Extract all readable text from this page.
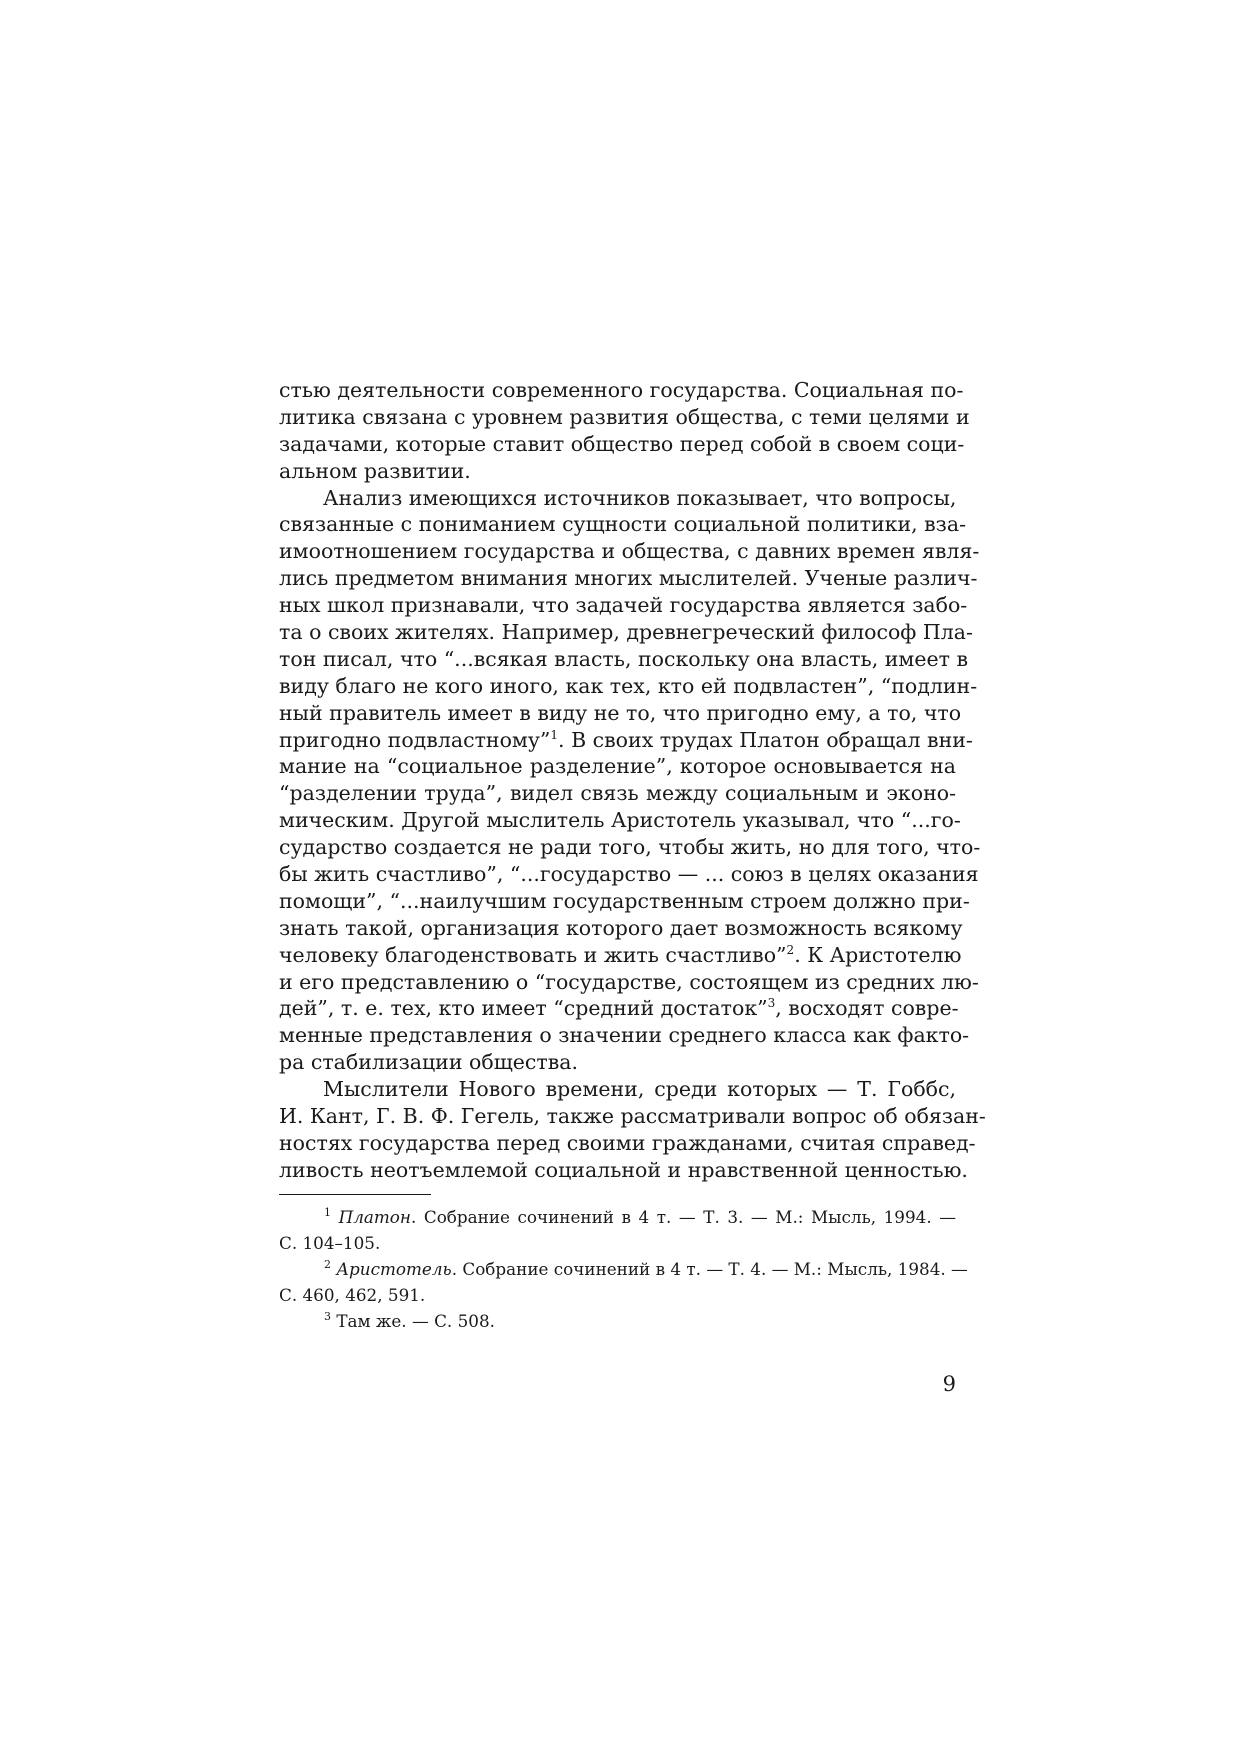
стью деятельности современного государства. Социальная по-
литика связана с уровнем развития общества, с теми целями и
задачами, которые ставит общество перед собой в своем соци-
альном развитии.
Анализ имеющихся источников показывает, что вопросы,
связанные с пониманием сущности социальной политики, вза-
имоотношением государства и общества, с давних времен явля-
лись предметом внимания многих мыслителей. Ученые различ-
ных школ признавали, что задачей государства является забо-
та о своих жителях. Например, древнегреческий философ Пла-
тон писал, что “...всякая власть, поскольку она власть, имеет в
виду благо не кого иного, как тех, кто ей подвластен”, “подлин-
ный правитель имеет в виду не то, что пригодно ему, а то, что
пригодно подвластному”$^1$. В своих трудах Платон обращал вни-
мание на “социальное разделение”, которое основывается на
“разделении труда”, видел связь между социальным и эконо-
мическим. Другой мыслитель Аристотель указывал, что “...го-
сударство создается не ради того, чтобы жить, но для того, что-
бы жить счастливо”, “...государство — ... союз в целях оказания
помощи”, “...наилучшим государственным строем должно при-
знать такой, организация которого дает возможность всякому
человеку благоденствовать и жить счастливо”$^2$. К Аристотелю
и его представлению о “государстве, состоящем из средних лю-
дей”, т. е. тех, кто имеет “средний достаток”$^3$, восходят совре-
менные представления о значении среднего класса как факто-
ра стабилизации общества.
Мыслители Нового времени, среди которых — Т. Гоббс,
И. Кант, Г. В. Ф. Гегель, также рассматривали вопрос об обязан-
ностях государства перед своими гражданами, считая справед-
ливость неотъемлемой социальной и нравственной ценностью.
$^1$ Платон. Собрание сочинений в 4 т. — Т. 3. — М.: Мысль, 1994. —
С. 104–105.
$^2$ Аристотель. Собрание сочинений в 4 т. — Т. 4. — М.: Мысль, 1984. —
С. 460, 462, 591.
$^3$ Там же. — С. 508.
9
